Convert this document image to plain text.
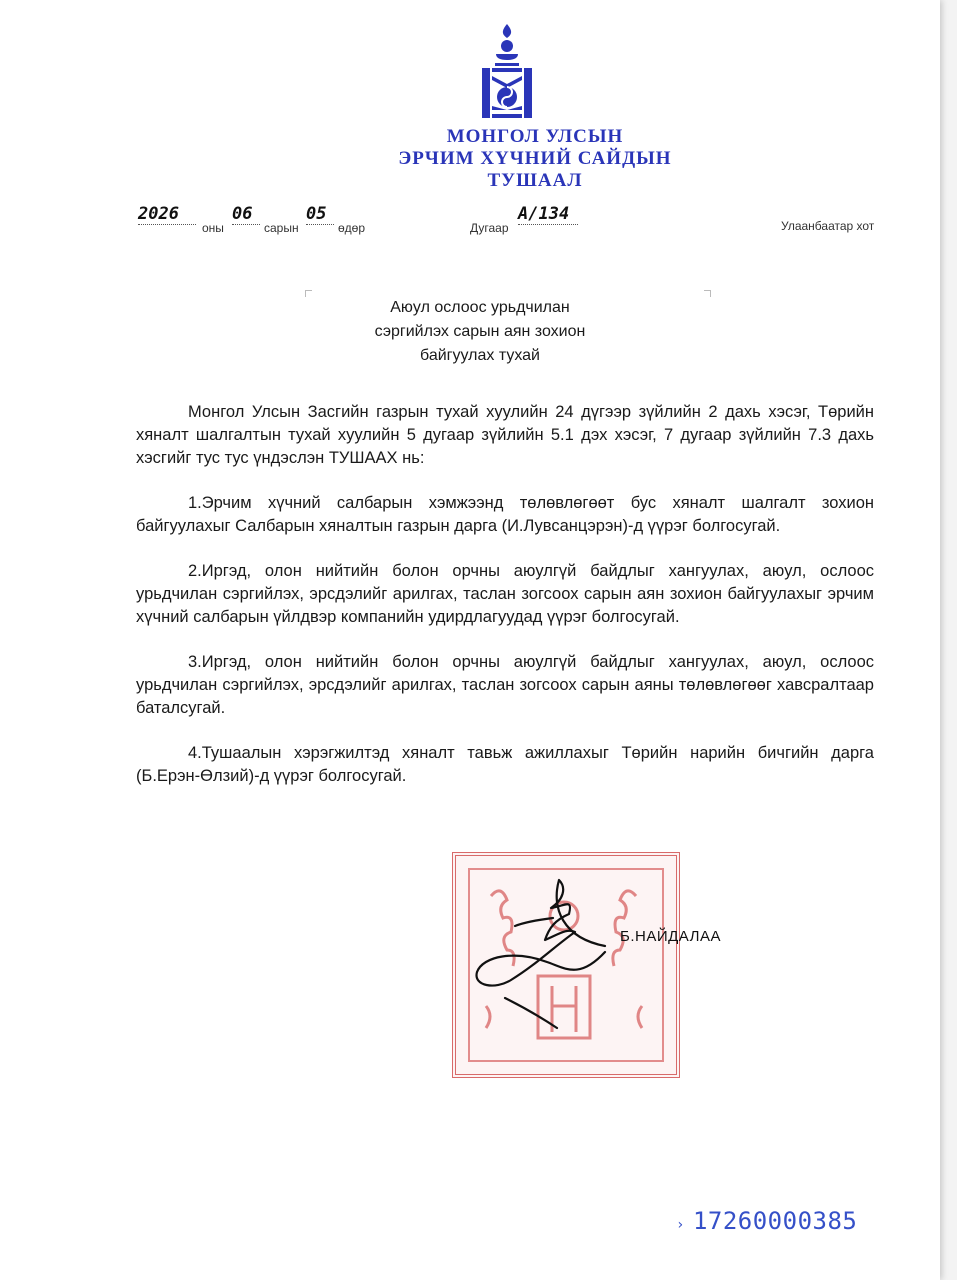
МОНГОЛ УЛСЫН
ЭРЧИМ ХҮЧНИЙ САЙДЫН
ТУШААЛ
2026
оны
06
сарын
05
өдөр	Дугаар
А/134
Улаанбаатар хот
Аюул ослоос урьдчилан
сэргийлэх сарын аян зохион
байгуулах тухай

Монгол Улсын Засгийн газрын тухай хуулийн 24 дүгээр зүйлийн 2 дахь хэсэг, Төрийн хяналт шалгалтын тухай хуулийн 5 дугаар зүйлийн 5.1 дэх хэсэг, 7 дугаар зүйлийн 7.3 дахь хэсгийг тус тус үндэслэн ТУШААХ нь:

1.Эрчим хүчний салбарын хэмжээнд төлөвлөгөөт бус хяналт шалгалт зохион байгуулахыг Салбарын хяналтын газрын дарга (И.Лувсанцэрэн)-д үүрэг болгосугай.

2.Иргэд, олон нийтийн болон орчны аюулгүй байдлыг хангуулах, аюул, ослоос урьдчилан сэргийлэх, эрсдэлийг арилгах, таслан зогсоох сарын аян зохион байгуулахыг эрчим хүчний салбарын үйлдвэр компанийн удирдлагуудад үүрэг болгосугай.

3.Иргэд, олон нийтийн болон орчны аюулгүй байдлыг хангуулах, аюул, ослоос урьдчилан сэргийлэх, эрсдэлийг арилгах, таслан зогсоох сарын аяны төлөвлөгөөг хавсралтаар баталсугай.

4.Тушаалын хэрэгжилтэд хяналт тавьж ажиллахыг Төрийн нарийн бичгийн дарга (Б.Ерэн-Өлзий)-д үүрэг болгосугай.

Б.НАЙДАЛАА
› 17260000385
